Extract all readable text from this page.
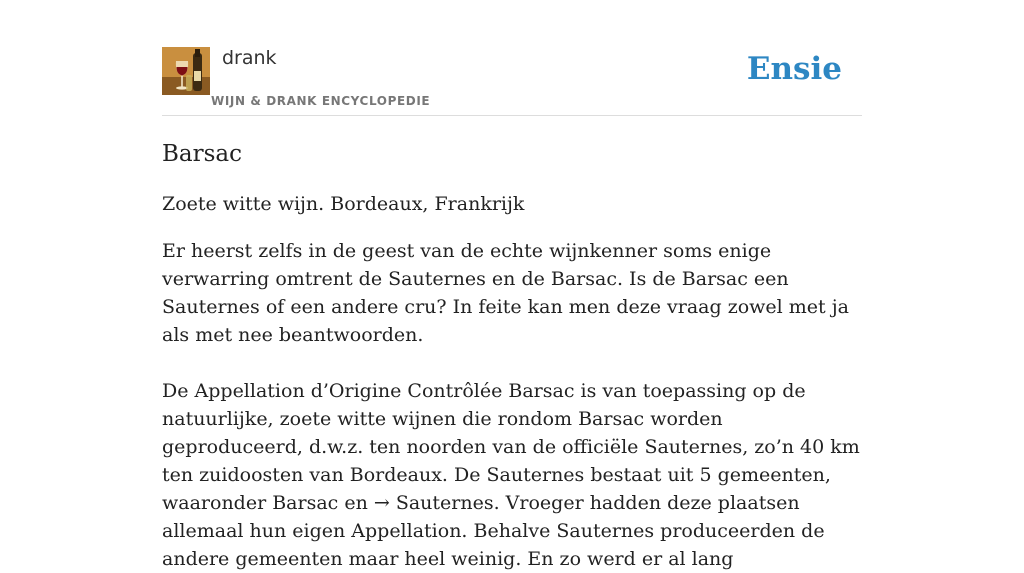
drank
WIJN & DRANK ENCYCLOPEDIE
Ensie
Barsac

Zoete witte wijn. Bordeaux, Frankrijk

Er heerst zelfs in de geest van de echte wijnkenner soms enige verwarring omtrent de Sauternes en de Barsac. Is de Barsac een Sauternes of een andere cru? In feite kan men deze vraag zowel met ja als met nee beantwoorden.

De Appellation d’Origine Contrôlée Barsac is van toepassing op de natuurlijke, zoete witte wijnen die rondom Barsac worden geproduceerd, d.w.z. ten noorden van de officiële Sauternes, zo’n 40 km ten zuidoosten van Bordeaux. De Sauternes bestaat uit 5 gemeenten, waaronder Barsac en → Sauternes. Vroeger hadden deze plaatsen allemaal hun eigen Appellation. Behalve Sauternes produceerden de andere gemeenten maar heel weinig. En zo werd er al lang
